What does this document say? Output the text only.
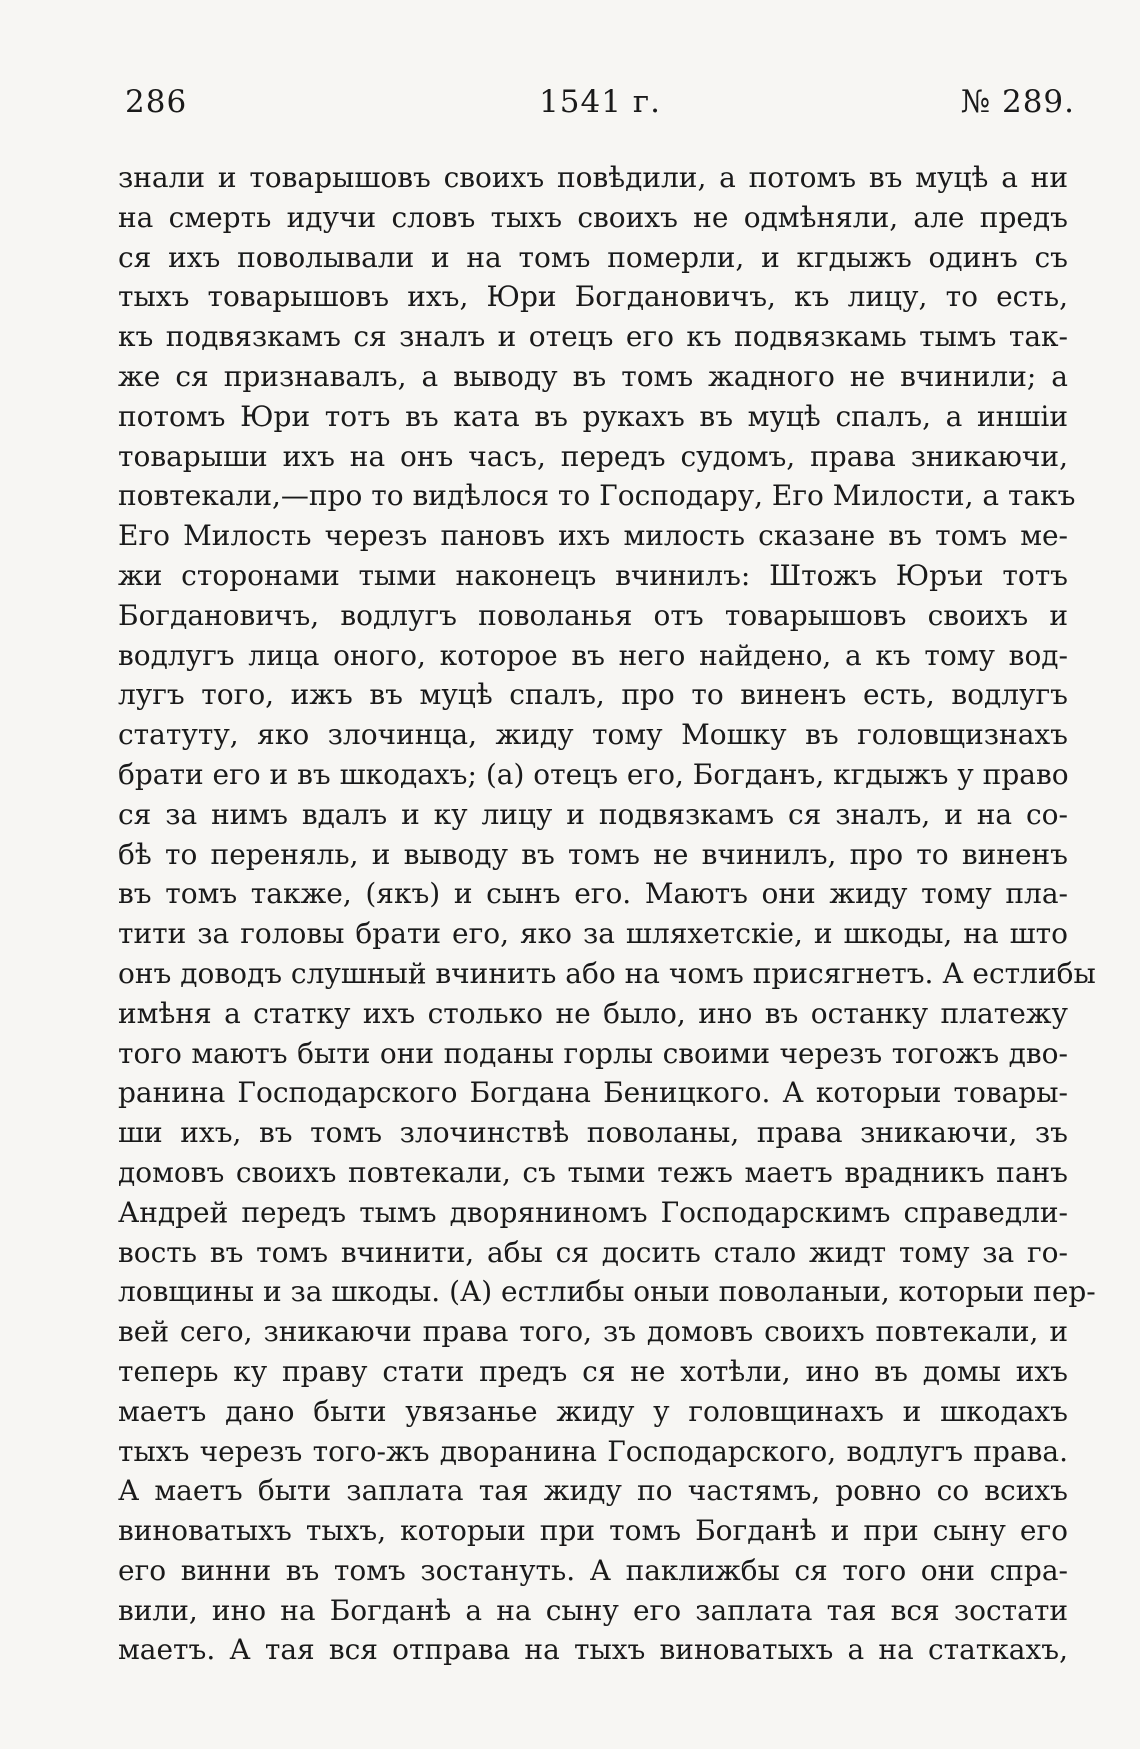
286	1541 г.	№ 289.
знали и товарышовъ своихъ повѣдили, а потомъ въ муцѣ а ни
на смерть идучи словъ тыхъ своихъ не одмѣняли, але предъ
ся ихъ поволывали и на томъ померли, и кгдыжъ одинъ съ
тыхъ товарышовъ ихъ, Юри Богдановичъ, къ лицу, то есть,
къ подвязкамъ ся зналъ и отецъ его къ подвязкамь тымъ так-
же ся признавалъ, а выводу въ томъ жадного не вчинили; а
потомъ Юри тотъ въ ката въ рукахъ въ муцѣ спалъ, а иншiи
товарыши ихъ на онъ часъ, передъ судомъ, права зникаючи,
повтекали,—про то видѣлося то Господару, Его Милости, а такъ
Его Милость черезъ пановъ ихъ милость сказане въ томъ ме-
жи сторонами тыми наконецъ вчинилъ: Штожъ Юръи тотъ
Богдановичъ, водлугъ поволанья отъ товарышовъ своихъ и
водлугъ лица оного, которое въ него найдено, а къ тому вод-
лугъ того, ижъ въ муцѣ спалъ, про то виненъ есть, водлугъ
статуту, яко злочинца, жиду тому Мошку въ головщизнахъ
брати его и въ шкодахъ; (а) отецъ его, Богданъ, кгдыжъ у право
ся за нимъ вдалъ и ку лицу и подвязкамъ ся зналъ, и на со-
бѣ то переняль, и выводу въ томъ не вчинилъ, про то виненъ
въ томъ также, (якъ) и сынъ его. Маютъ они жиду тому пла-
тити за головы брати его, яко за шляхетскiе, и шкоды, на што
онъ доводъ слушный вчинить або на чомъ присягнетъ. А естлибы
имѣня а статку ихъ столько не было, ино въ останку платежу
того маютъ быти они поданы горлы своими черезъ тогожъ дво-
ранина Господарского Богдана Беницкого. А которыи товары-
ши ихъ, въ томъ злочинствѣ поволаны, права зникаючи, зъ
домовъ своихъ повтекали, съ тыми тежъ маетъ врадникъ панъ
Андрей передъ тымъ дворяниномъ Господарскимъ справедли-
вость въ томъ вчинити, абы ся досить стало жидт тому за го-
ловщины и за шкоды. (А) естлибы оныи поволаныи, которыи пер-
вей сего, зникаючи права того, зъ домовъ своихъ повтекали, и
теперь ку праву стати предъ ся не хотѣли, ино въ домы ихъ
маетъ дано быти увязанье жиду у головщинахъ и шкодахъ
тыхъ черезъ того-жъ дворанина Господарского, водлугъ права.
А маетъ быти заплата тая жиду по частямъ, ровно со всихъ
виноватыхъ тыхъ, которыи при томъ Богданѣ и при сыну его
его винни въ томъ зостануть. А паклижбы ся того они спра-
вили, ино на Богданѣ а на сыну его заплата тая вся зостати
маетъ. А тая вся отправа на тыхъ виноватыхъ а на статкахъ,
